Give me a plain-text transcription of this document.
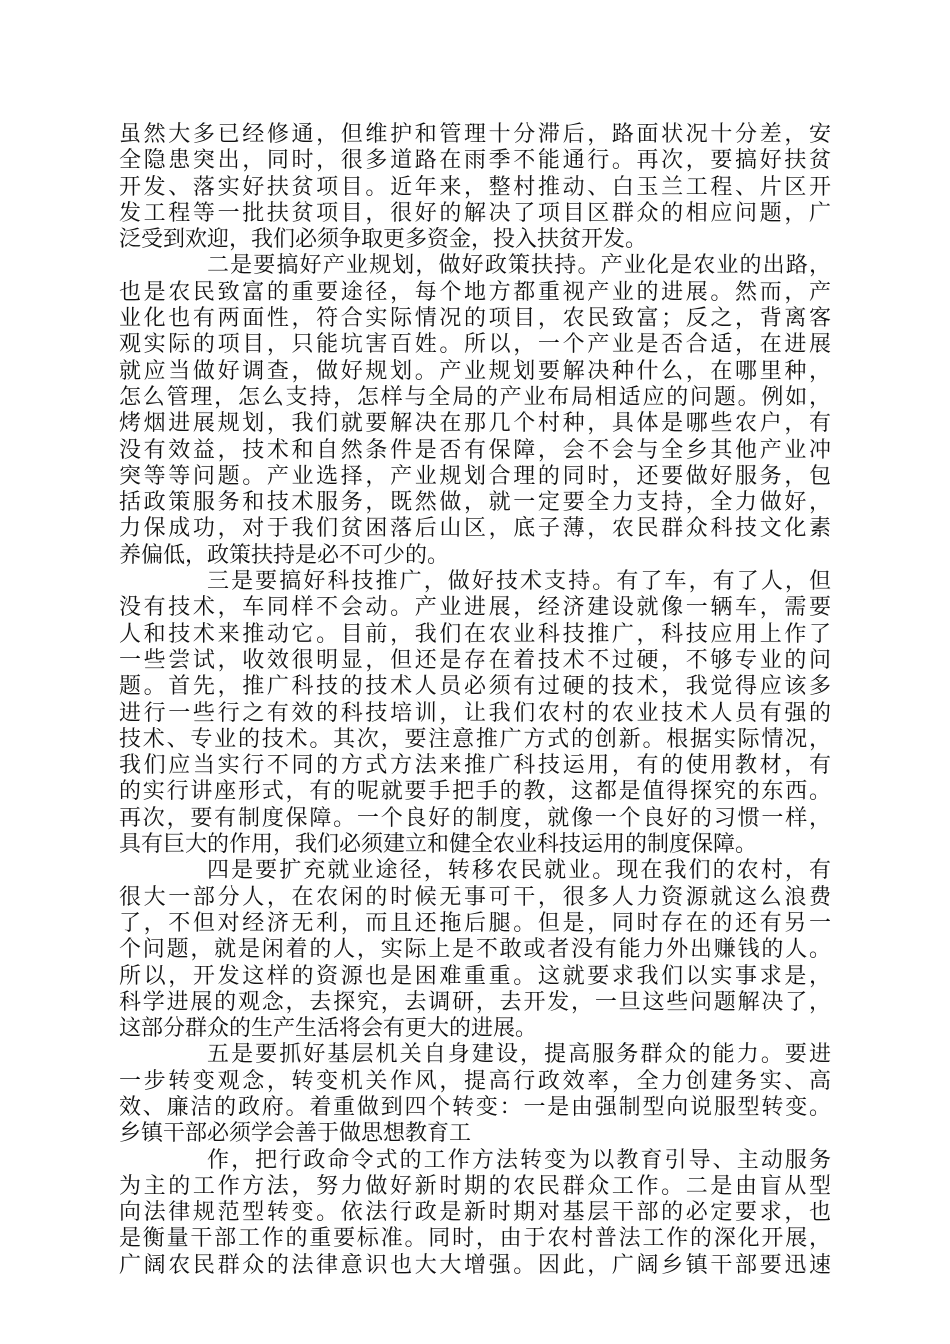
虽然大多已经修通，但维护和管理十分滞后，路面状况十分差，安
全隐患突出，同时，很多道路在雨季不能通行。再次，要搞好扶贫
开发、落实好扶贫项目。近年来，整村推动、白玉兰工程、片区开
发工程等一批扶贫项目，很好的解决了项目区群众的相应问题，广
泛受到欢迎，我们必须争取更多资金，投入扶贫开发。
二是要搞好产业规划，做好政策扶持。产业化是农业的出路，
也是农民致富的重要途径，每个地方都重视产业的进展。然而，产
业化也有两面性，符合实际情况的项目，农民致富；反之，背离客
观实际的项目，只能坑害百姓。所以，一个产业是否合适，在进展
就应当做好调查，做好规划。产业规划要解决种什么，在哪里种，
怎么管理，怎么支持，怎样与全局的产业布局相适应的问题。例如，
烤烟进展规划，我们就要解决在那几个村种，具体是哪些农户，有
没有效益，技术和自然条件是否有保障，会不会与全乡其他产业冲
突等等问题。产业选择，产业规划合理的同时，还要做好服务，包
括政策服务和技术服务，既然做，就一定要全力支持，全力做好，
力保成功，对于我们贫困落后山区，底子薄，农民群众科技文化素
养偏低，政策扶持是必不可少的。
三是要搞好科技推广，做好技术支持。有了车，有了人，但
没有技术，车同样不会动。产业进展，经济建设就像一辆车，需要
人和技术来推动它。目前，我们在农业科技推广，科技应用上作了
一些尝试，收效很明显，但还是存在着技术不过硬，不够专业的问
题。首先，推广科技的技术人员必须有过硬的技术，我觉得应该多
进行一些行之有效的科技培训，让我们农村的农业技术人员有强的
技术、专业的技术。其次，要注意推广方式的创新。根据实际情况，
我们应当实行不同的方式方法来推广科技运用，有的使用教材，有
的实行讲座形式，有的呢就要手把手的教，这都是值得探究的东西。
再次，要有制度保障。一个良好的制度，就像一个良好的习惯一样，
具有巨大的作用，我们必须建立和健全农业科技运用的制度保障。
四是要扩充就业途径，转移农民就业。现在我们的农村，有
很大一部分人，在农闲的时候无事可干，很多人力资源就这么浪费
了，不但对经济无利，而且还拖后腿。但是，同时存在的还有另一
个问题，就是闲着的人，实际上是不敢或者没有能力外出赚钱的人。
所以，开发这样的资源也是困难重重。这就要求我们以实事求是，
科学进展的观念，去探究，去调研，去开发，一旦这些问题解决了，
这部分群众的生产生活将会有更大的进展。
五是要抓好基层机关自身建设，提高服务群众的能力。要进
一步转变观念，转变机关作风，提高行政效率，全力创建务实、高
效、廉洁的政府。着重做到四个转变：一是由强制型向说服型转变。
乡镇干部必须学会善于做思想教育工
作，把行政命令式的工作方法转变为以教育引导、主动服务
为主的工作方法，努力做好新时期的农民群众工作。二是由盲从型
向法律规范型转变。依法行政是新时期对基层干部的必定要求，也
是衡量干部工作的重要标准。同时，由于农村普法工作的深化开展，
广阔农民群众的法律意识也大大增强。因此，广阔乡镇干部要迅速
